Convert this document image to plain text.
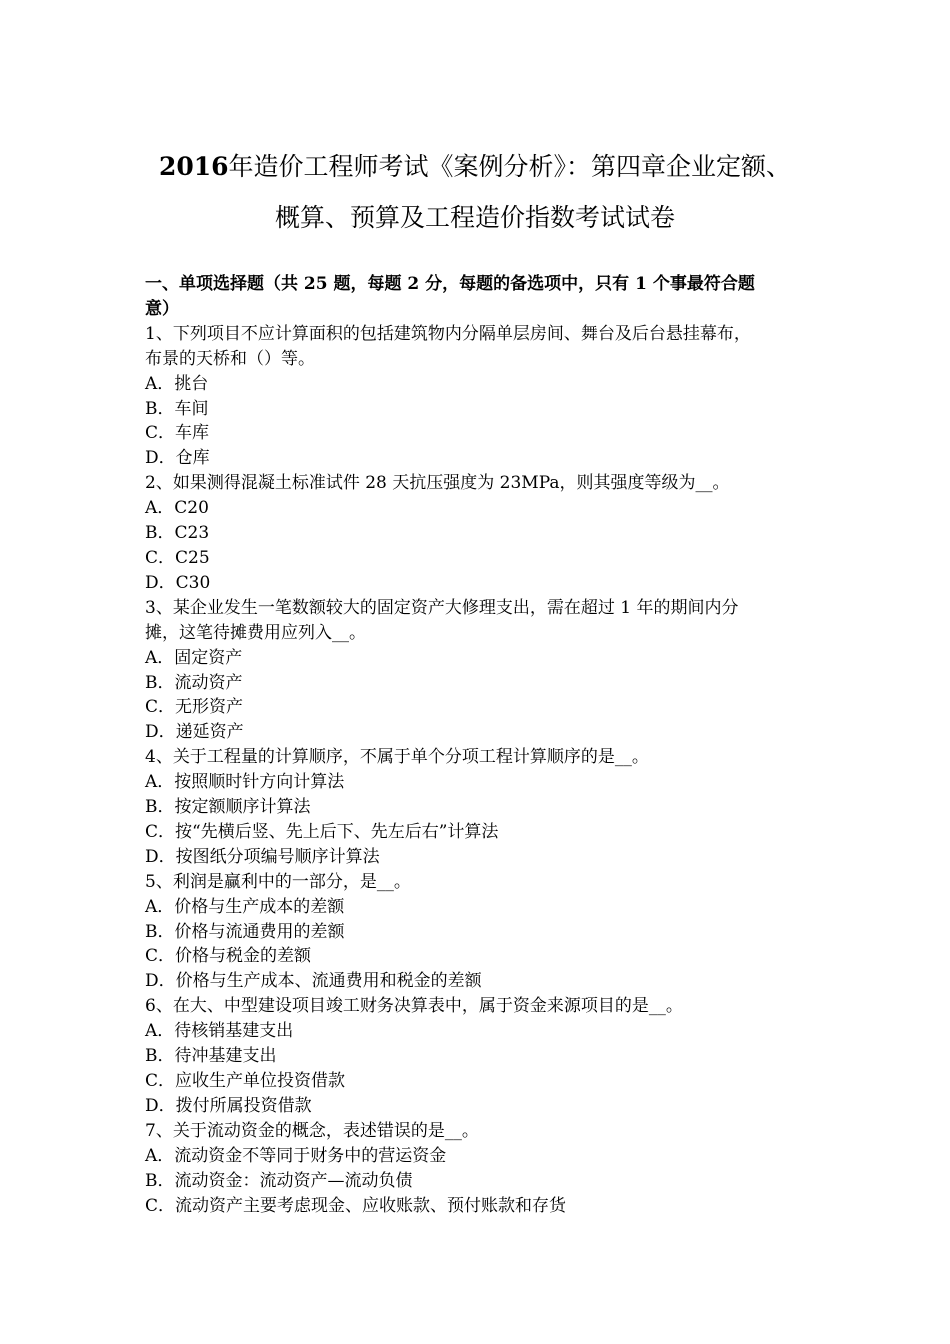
2016年造价工程师考试《案例分析》：第四章企业定额、
概算、预算及工程造价指数考试试卷
一、单项选择题（共 25 题，每题 2 分，每题的备选项中，只有 1 个事最符合题
意）
1、下列项目不应计算面积的包括建筑物内分隔单层房间、舞台及后台悬挂幕布，
布景的天桥和（）等。
A．挑台
B．车间
C．车库
D．仓库
2、如果测得混凝土标准试件 28 天抗压强度为 23MPa，则其强度等级为__。
A．C20
B．C23
C．C25
D．C30
3、某企业发生一笔数额较大的固定资产大修理支出，需在超过 1 年的期间内分
摊，这笔待摊费用应列入__。
A．固定资产
B．流动资产
C．无形资产
D．递延资产
4、关于工程量的计算顺序，不属于单个分项工程计算顺序的是__。
A．按照顺时针方向计算法
B．按定额顺序计算法
C．按“先横后竖、先上后下、先左后右”计算法
D．按图纸分项编号顺序计算法
5、利润是赢利中的一部分，是__。
A．价格与生产成本的差额
B．价格与流通费用的差额
C．价格与税金的差额
D．价格与生产成本、流通费用和税金的差额
6、在大、中型建设项目竣工财务决算表中，属于资金来源项目的是__。
A．待核销基建支出
B．待冲基建支出
C．应收生产单位投资借款
D．拨付所属投资借款
7、关于流动资金的概念，表述错误的是__。
A．流动资金不等同于财务中的营运资金
B．流动资金：流动资产—流动负债
C．流动资产主要考虑现金、应收账款、预付账款和存货
